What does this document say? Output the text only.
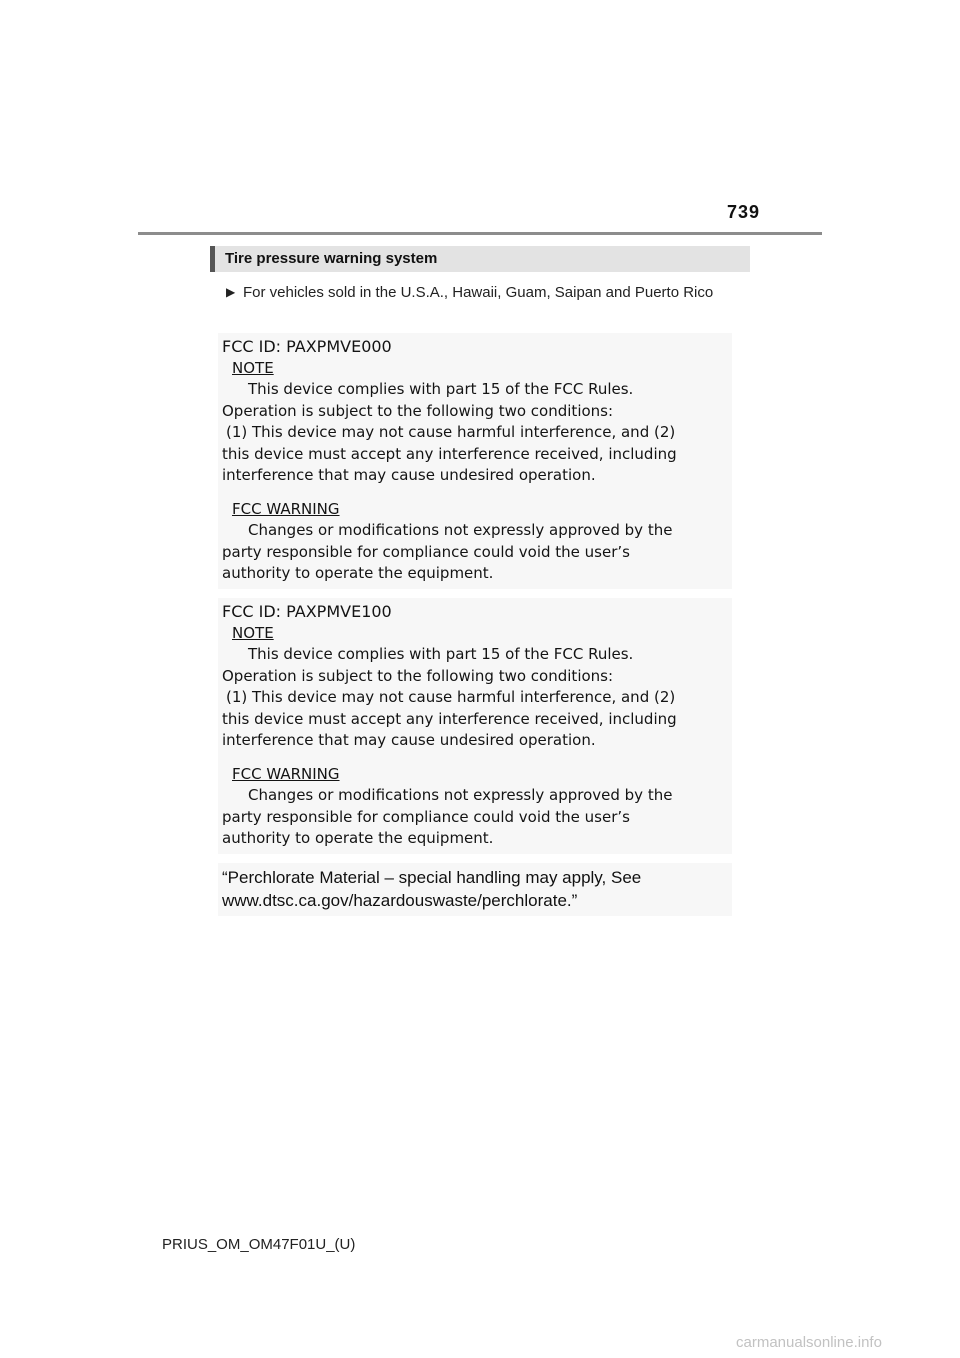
739
Tire pressure warning system
▶ For vehicles sold in the U.S.A., Hawaii, Guam, Saipan and Puerto Rico
FCC ID: PAXPMVE000
NOTE
This device complies with part 15 of the FCC Rules.
Operation is subject to the following two conditions:
(1) This device may not cause harmful interference, and (2)
this device must accept any interference received, including
interference that may cause undesired operation.
FCC WARNING
Changes or modifications not expressly approved by the
party responsible for compliance could void the user’s
authority to operate the equipment.
FCC ID: PAXPMVE100
NOTE
This device complies with part 15 of the FCC Rules.
Operation is subject to the following two conditions:
(1) This device may not cause harmful interference, and (2)
this device must accept any interference received, including
interference that may cause undesired operation.
FCC WARNING
Changes or modifications not expressly approved by the
party responsible for compliance could void the user’s
authority to operate the equipment.
“Perchlorate Material – special handling may apply, See
www.dtsc.ca.gov/hazardouswaste/perchlorate.”
PRIUS_OM_OM47F01U_(U)
carmanualsonline.info
